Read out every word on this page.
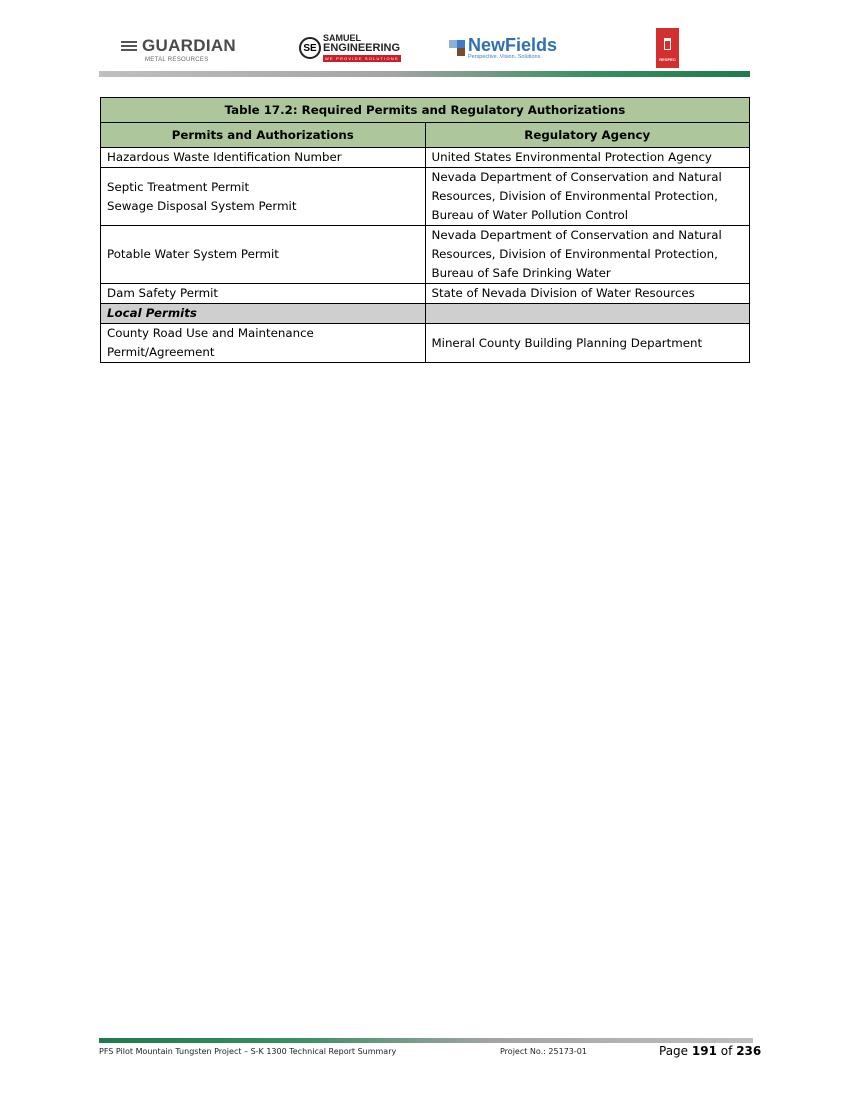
GUARDIAN
METAL RESOURCES
SE
SAMUEL
ENGINEERING
WE PROVIDE SOLUTIONS
NewFields
Perspective. Vision. Solutions.	RESPEC
Table 17.2: Required Permits and Regulatory Authorizations	
Permits and Authorizations	Regulatory Agency
Hazardous Waste Identification Number	United States Environmental Protection Agency

Septic Treatment Permit
Sewage Disposal System Permit	Nevada Department of Conservation and Natural Resources, Division of Environmental Protection, Bureau of Water Pollution Control
Potable Water System Permit	Nevada Department of Conservation and Natural Resources, Division of Environmental Protection, Bureau of Safe Drinking Water
Dam Safety Permit	State of Nevada Division of Water Resources
Local Permits	
County Road Use and Maintenance Permit/Agreement	Mineral County Building Planning Department
PFS Pilot Mountain Tungsten Project – S-K 1300 Technical Report Summary	Project No.: 25173-01	Page 191 of 236
